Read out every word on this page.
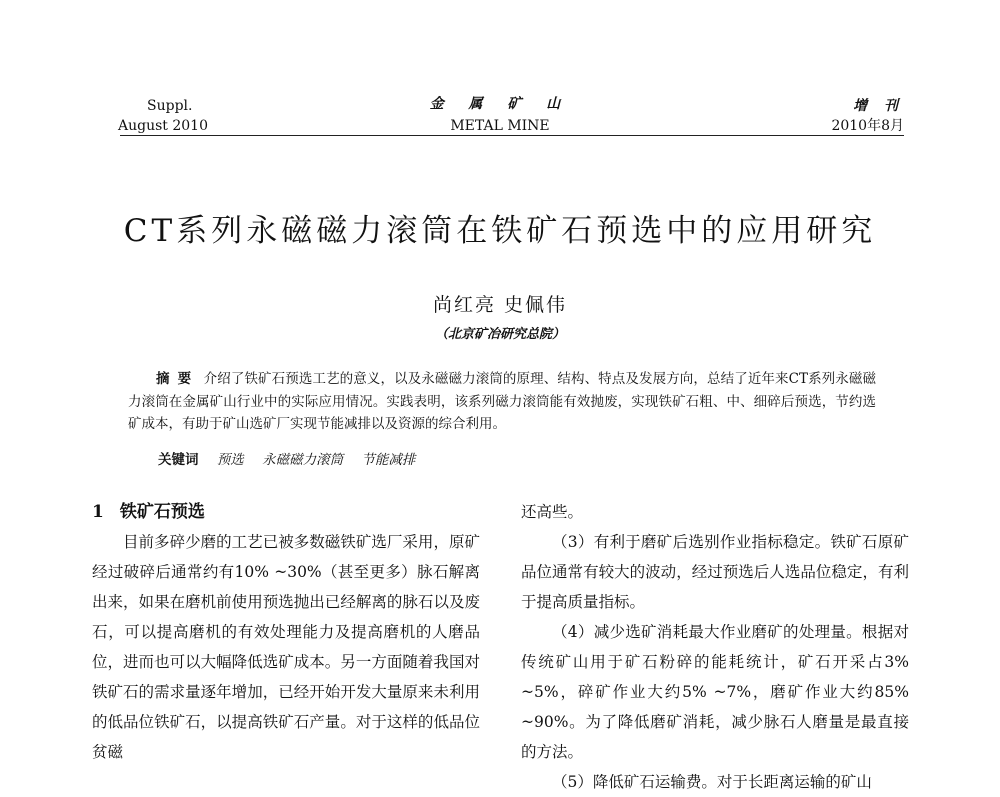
Suppl.
August 2010
金 属 矿 山
METAL MINE
增 刊
2010年8月
CT系列永磁磁力滚筒在铁矿石预选中的应用研究
尚红亮 史佩伟
（北京矿冶研究总院）
摘要 介绍了铁矿石预选工艺的意义，以及永磁磁力滚筒的原理、结构、特点及发展方向，总结了近年来CT系列永磁磁力滚筒在金属矿山行业中的实际应用情况。实践表明，该系列磁力滚筒能有效抛废，实现铁矿石粗、中、细碎后预选，节约选矿成本，有助于矿山选矿厂实现节能减排以及资源的综合利用。
关键词 预选 永磁磁力滚筒 节能减排
1 铁矿石预选

目前多碎少磨的工艺已被多数磁铁矿选厂采用，原矿经过破碎后通常约有10% ~30%（甚至更多）脉石解离出来，如果在磨机前使用预选抛出已经解离的脉石以及废石，可以提高磨机的有效处理能力及提高磨机的人磨品位，进而也可以大幅降低选矿成本。另一方面随着我国对铁矿石的需求量逐年增加，已经开始开发大量原来未利用的低品位铁矿石，以提高铁矿石产量。对于这样的低品位贫磁

还高些。

（3）有利于磨矿后选别作业指标稳定。铁矿石原矿品位通常有较大的波动，经过预选后人选品位稳定，有利于提高质量指标。

（4）减少选矿消耗最大作业磨矿的处理量。根据对传统矿山用于矿石粉碎的能耗统计，矿石开采占3% ~5%，碎矿作业大约5% ~7%，磨矿作业大约85% ~90%。为了降低磨矿消耗，减少脉石人磨量是最直接的方法。

（5）降低矿石运输费。对于长距离运输的矿山
